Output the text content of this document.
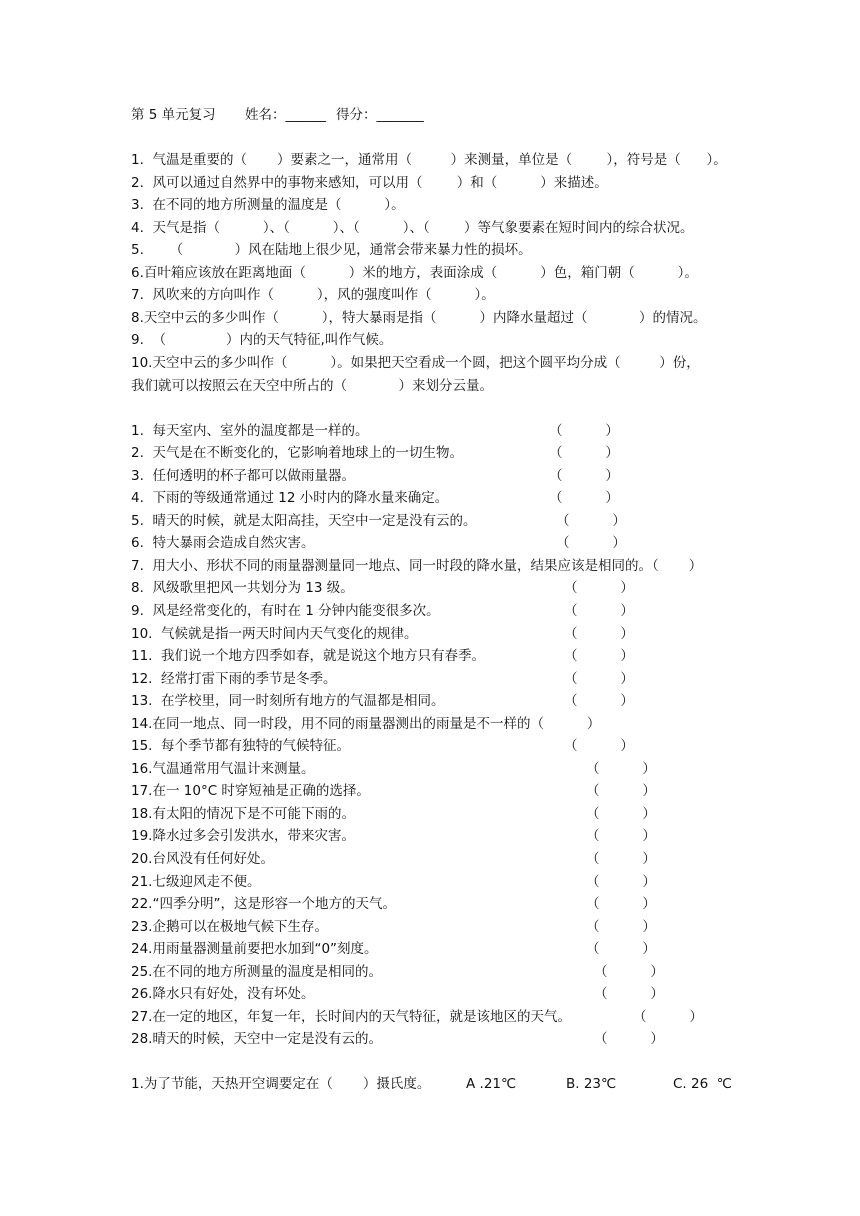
第 5 单元复习 姓名：______ 得分：_______
1.  气温是重要的（       ）要素之一，通常用（         ）来测量，单位是（        ），符号是（      ）。
2.  风可以通过自然界中的事物来感知，可以用（        ）和（          ）来描述。
3.  在不同的地方所测量的温度是（          ）。
4.  天气是指（          ）、（          ）、（          ）、（        ）等气象要素在短时间内的综合状况。
5.      （            ）风在陆地上很少见，通常会带来暴力性的损坏。
6.百叶箱应该放在距离地面（          ）米的地方，表面涂成（          ）色，箱门朝（          ）。
7.  风吹来的方向叫作（          ），风的强度叫作（          ）。
8.天空中云的多少叫作（          ），特大暴雨是指（          ）内降水量超过（            ）的情况。
9.  （              ）内的天气特征,叫作气候。
10.天空中云的多少叫作（          ）。如果把天空看成一个圆，把这个圆平均分成（         ）份，
我们就可以按照云在天空中所占的（            ）来划分云量。
1.  每天室内、室外的温度都是一样的。	（          ）
2.  天气是在不断变化的，它影响着地球上的一切生物。	（          ）
3.  任何透明的杯子都可以做雨量器。	（          ）
4.  下雨的等级通常通过 12 小时内的降水量来确定。	（          ）
5.  晴天的时候，就是太阳高挂，天空中一定是没有云的。	（          ）
6.  特大暴雨会造成自然灾害。	（          ）
7.  用大小、形状不同的雨量器测量同一地点、同一时段的降水量，结果应该是相同的。（       ）
8.  风级歌里把风一共划分为 13 级。	（          ）
9.  风是经常变化的，有时在 1 分钟内能变很多次。	（          ）
10.  气候就是指一两天时间内天气变化的规律。	（          ）
11.  我们说一个地方四季如春，就是说这个地方只有春季。	（          ）
12.  经常打雷下雨的季节是冬季。	（          ）
13.  在学校里，同一时刻所有地方的气温都是相同。	（          ）
14.在同一地点、同一时段，用不同的雨量器测出的雨量是不一样的（          ）
15.  每个季节都有独特的气候特征。	（          ）
16.气温通常用气温计来测量。	（          ）
17.在一 10°C 时穿短袖是正确的选择。	（          ）
18.有太阳的情况下是不可能下雨的。	（          ）
19.降水过多会引发洪水，带来灾害。	（          ）
20.台风没有任何好处。	（          ）
21.七级迎风走不便。	（          ）
22.“四季分明”，这是形容一个地方的天气。	（          ）
23.企鹅可以在极地气候下生存。	（          ）
24.用雨量器测量前要把水加到“0”刻度。	（          ）
25.在不同的地方所测量的温度是相同的。	（          ）
26.降水只有好处，没有坏处。	（          ）
27.在一定的地区，年复一年，长时间内的天气特征，就是该地区的天气。	（          ）
28.晴天的时候，天空中一定是没有云的。	（          ）
1.为了节能，天热开空调要定在（       ）摄氏度。	A .21℃	B. 23℃	C. 26  ℃
